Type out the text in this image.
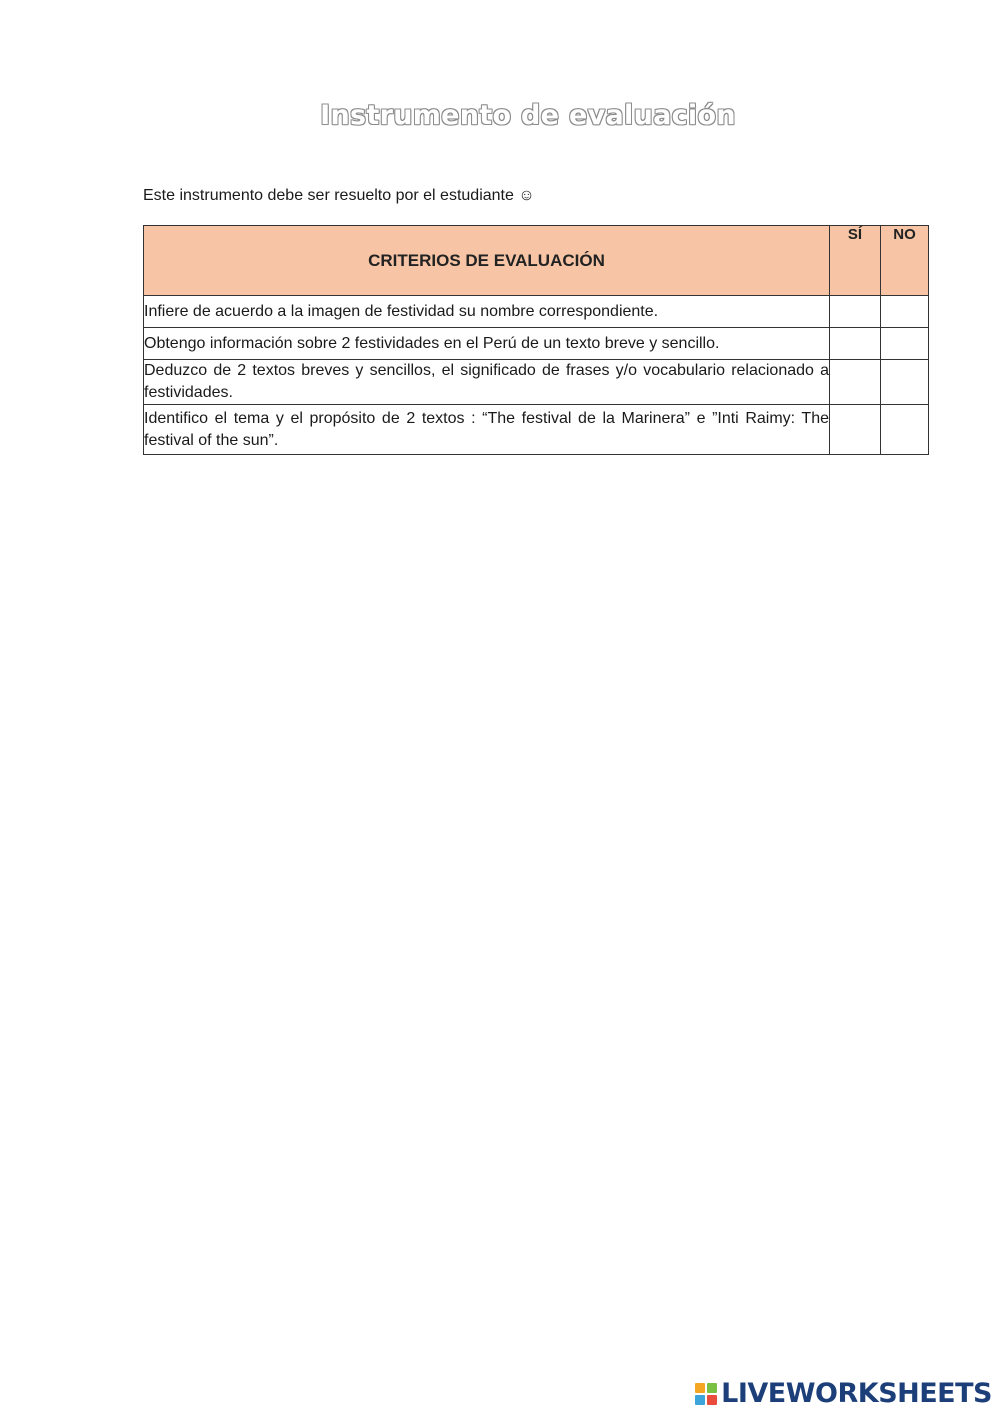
Instrumento de evaluación
Este instrumento debe ser resuelto por el estudiante ☺
CRITERIOS DE EVALUACIÓN	SÍ	NO
Infiere de acuerdo a la imagen de festividad su nombre correspondiente.		
Obtengo información sobre 2 festividades en el Perú de un texto breve y sencillo.		
Deduzco de 2 textos breves y sencillos, el significado de frases y/o vocabulario relacionado a festividades.		
Identifico el tema y el propósito de 2 textos : “The festival de la Marinera” e ”Inti Raimy: The festival of the sun”.		
LIVEWORKSHEETS
